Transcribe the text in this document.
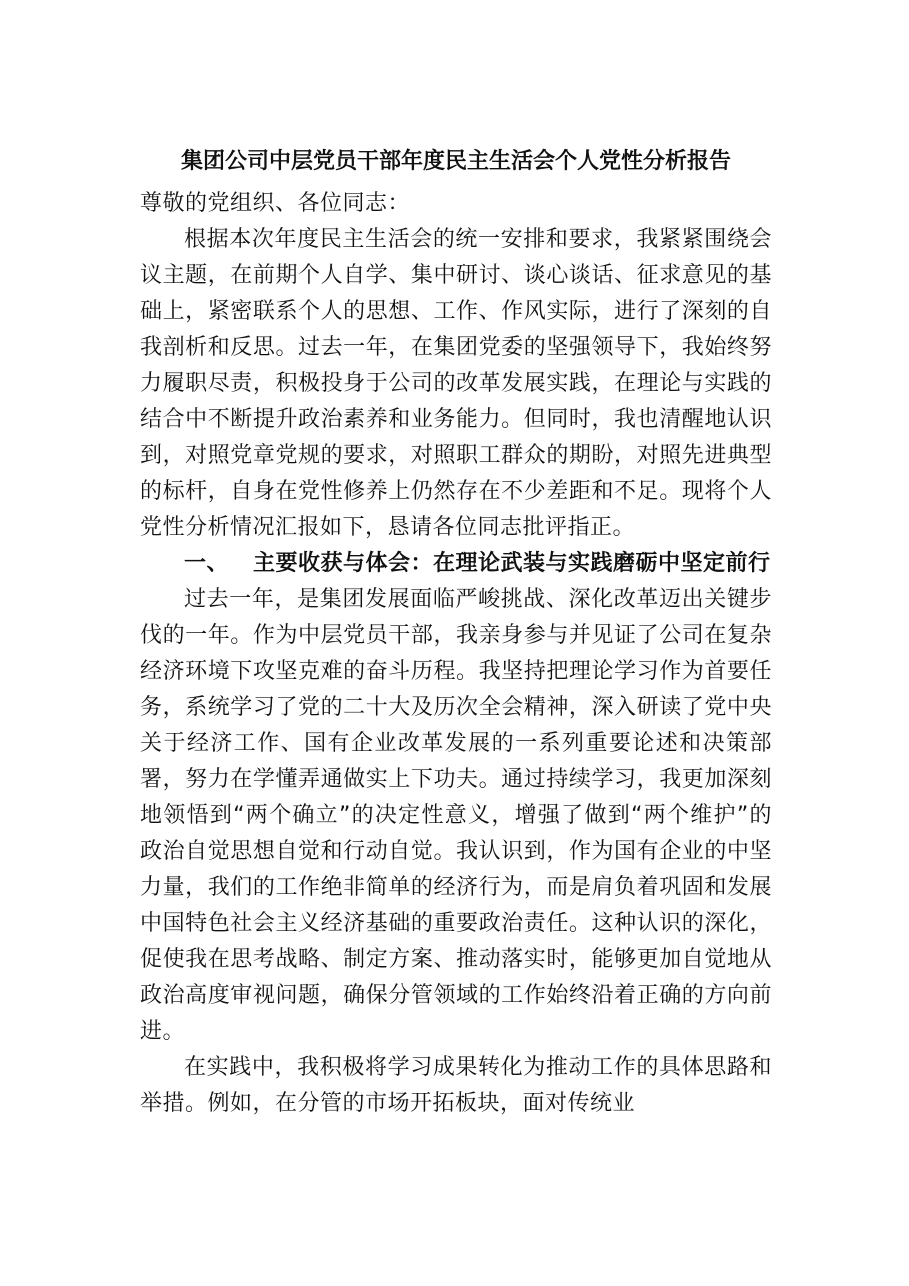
集团公司中层党员干部年度民主生活会个人党性分析报告

尊敬的党组织、各位同志：

根据本次年度民主生活会的统一安排和要求，我紧紧围绕会议主题，在前期个人自学、集中研讨、谈心谈话、征求意见的基础上，紧密联系个人的思想、工作、作风实际，进行了深刻的自我剖析和反思。过去一年，在集团党委的坚强领导下，我始终努力履职尽责，积极投身于公司的改革发展实践，在理论与实践的结合中不断提升政治素养和业务能力。但同时，我也清醒地认识到，对照党章党规的要求，对照职工群众的期盼，对照先进典型的标杆，自身在党性修养上仍然存在不少差距和不足。现将个人党性分析情况汇报如下，恳请各位同志批评指正。

一、 主要收获与体会：在理论武装与实践磨砺中坚定前行

过去一年，是集团发展面临严峻挑战、深化改革迈出关键步伐的一年。作为中层党员干部，我亲身参与并见证了公司在复杂经济环境下攻坚克难的奋斗历程。我坚持把理论学习作为首要任务，系统学习了党的二十大及历次全会精神，深入研读了党中央关于经济工作、国有企业改革发展的一系列重要论述和决策部署，努力在学懂弄通做实上下功夫。通过持续学习，我更加深刻地领悟到“两个确立”的决定性意义，增强了做到“两个维护”的政治自觉思想自觉和行动自觉。我认识到，作为国有企业的中坚力量，我们的工作绝非简单的经济行为，而是肩负着巩固和发展中国特色社会主义经济基础的重要政治责任。这种认识的深化，促使我在思考战略、制定方案、推动落实时，能够更加自觉地从政治高度审视问题，确保分管领域的工作始终沿着正确的方向前进。

在实践中，我积极将学习成果转化为推动工作的具体思路和举措。例如，在分管的市场开拓板块，面对传统业
